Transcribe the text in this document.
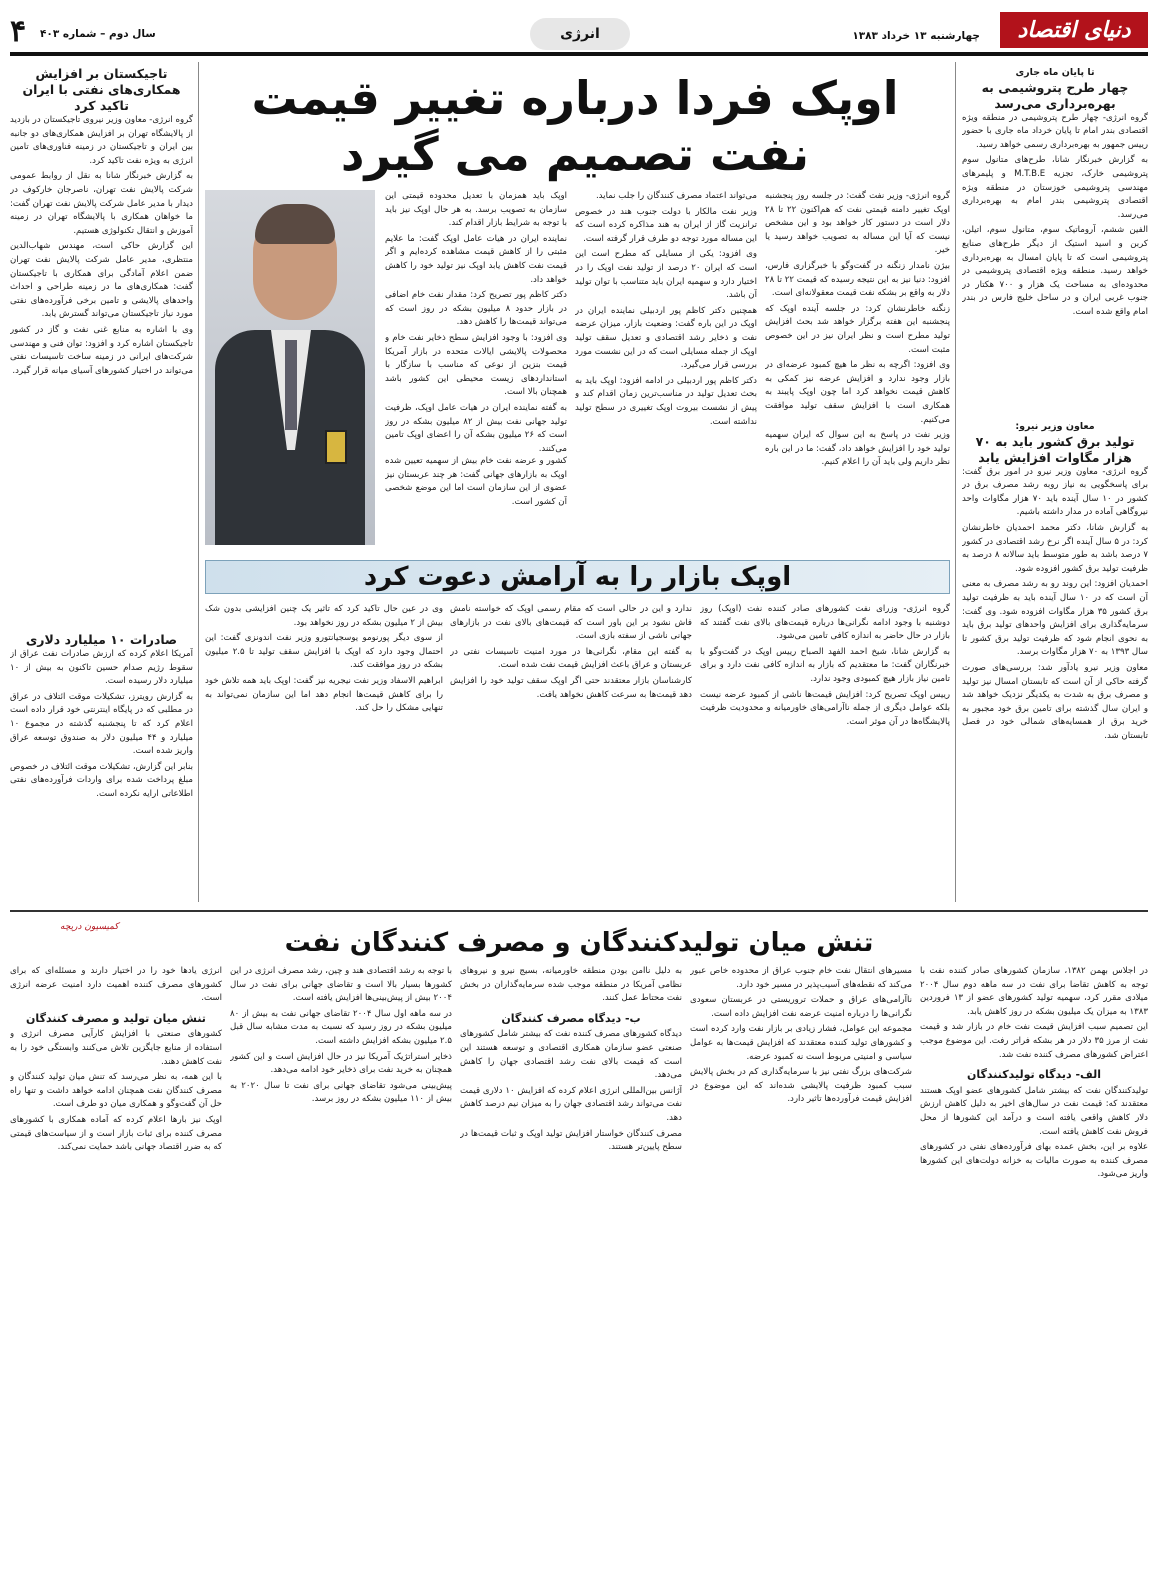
۴ سال دوم – شماره ۴۰۳	انرژی	چهارشنبه ۱۳ خرداد ۱۳۸۳	دنیای اقتصاد
تا پایان ماه جاری
چهار طرح پتروشیمی به بهره‌برداری می‌رسد

گروه انرژی- چهار طرح پتروشیمی در منطقه ویژه اقتصادی بندر امام تا پایان خرداد ماه جاری با حضور رییس جمهور به بهره‌برداری رسمی خواهد رسید.

به گزارش خبرنگار شانا، طرح‌های متانول سوم پتروشیمی خارک، تجزیه M.T.B.E و پلیمرهای مهندسی پتروشیمی خوزستان در منطقه ویژه اقتصادی پتروشیمی بندر امام به بهره‌برداری می‌رسد.

الفین ششم، آروماتیک سوم، متانول سوم، اتیلن، کربن و اسید استیک از دیگر طرح‌های صنایع پتروشیمی است که تا پایان امسال به بهره‌برداری خواهد رسید. منطقه ویژه اقتصادی پتروشیمی در محدوده‌ای به مساحت یک هزار و ۷۰۰ هکتار در جنوب غربی ایران و در ساحل خلیج فارس در بندر امام واقع شده است.

معاون وزیر نیرو:
تولید برق کشور باید به ۷۰ هزار مگاوات افزایش یابد

گروه انرژی- معاون وزیر نیرو در امور برق گفت: برای پاسخگویی به نیاز روبه رشد مصرف برق در کشور در ۱۰ سال آینده باید ۷۰ هزار مگاوات واحد نیروگاهی آماده در مدار داشته باشیم.

به گزارش شانا، دکتر محمد احمدیان خاطرنشان کرد: در ۵ سال آینده اگر نرخ رشد اقتصادی در کشور ۷ درصد باشد به طور متوسط باید سالانه ۸ درصد به ظرفیت تولید برق کشور افزوده شود.

احمدیان افزود: این روند رو به رشد مصرف به معنی آن است که در ۱۰ سال آینده باید به ظرفیت تولید برق کشور ۳۵ هزار مگاوات افزوده شود. وی گفت: سرمایه‌گذاری برای افزایش واحدهای تولید برق باید به نحوی انجام شود که ظرفیت تولید برق کشور تا سال ۱۳۹۳ به ۷۰ هزار مگاوات برسد.

معاون وزیر نیرو یادآور شد: بررسی‌های صورت گرفته حاکی از آن است که تابستان امسال نیز تولید و مصرف برق به شدت به یکدیگر نزدیک خواهد شد و ایران سال گذشته برای تامین برق خود مجبور به خرید برق از همسایه‌های شمالی خود در فصل تابستان شد.

اوپک فردا درباره تغییر قیمت نفت تصمیم می گیرد

گروه انرژی- وزیر نفت گفت: در جلسه روز پنجشنبه اوپک تغییر دامنه قیمتی نفت که هم‌اکنون ۲۲ تا ۲۸ دلار است در دستور کار خواهد بود و این مشخص نیست که آیا این مساله به تصویب خواهد رسید یا خیر.

بیژن نامدار زنگنه در گفت‌وگو با خبرگزاری فارس، افزود: دنیا نیز به این نتیجه رسیده که قیمت ۲۲ تا ۲۸ دلار به واقع بر بشکه نفت قیمت معقولانه‌ای است.

زنگنه خاطرنشان کرد: در جلسه آینده اوپک که پنجشنبه این هفته برگزار خواهد شد بحث افزایش تولید مطرح است و نظر ایران نیز در این خصوص مثبت است.

وی افزود: اگرچه به نظر ما هیچ کمبود عرضه‌ای در بازار وجود ندارد و افزایش عرضه نیز کمکی به کاهش قیمت نخواهد کرد اما چون اوپک پایبند به همکاری است با افزایش سقف تولید موافقت می‌کنیم.

وزیر نفت در پاسخ به این سوال که ایران سهمیه تولید خود را افزایش خواهد داد، گفت: ما در این باره نظر داریم ولی باید آن را اعلام کنیم.

می‌تواند اعتماد مصرف کنندگان را جلب نماید.

وزیر نفت مالکار با دولت جنوب هند در خصوص ترانزیت گاز از ایران به هند مذاکره کرده است که این مساله مورد توجه دو طرف قرار گرفته است.

وی افزود: یکی از مسایلی که مطرح است این است که ایران ۲۰ درصد از تولید نفت اوپک را در اختیار دارد و سهمیه ایران باید متناسب با توان تولید آن باشد.

همچنین دکتر کاظم پور اردبیلی نماینده ایران در اوپک در این باره گفت: وضعیت بازار، میزان عرضه نفت و ذخایر رشد اقتصادی و تعدیل سقف تولید اوپک از جمله مسایلی است که در این نشست مورد بررسی قرار می‌گیرد.

دکتر کاظم پور اردبیلی در ادامه افزود: اوپک باید به بحث تعدیل تولید در مناسب‌ترین زمان اقدام کند و پیش از نشست بیروت اوپک تغییری در سطح تولید نداشته است.

اوپک باید همزمان با تعدیل محدوده قیمتی این سازمان به تصویب برسد. به هر حال اوپک نیز باید با توجه به شرایط بازار اقدام کند.

نماینده ایران در هیات عامل اوپک گفت: ما علایم مثبتی را از کاهش قیمت مشاهده کرده‌ایم و اگر قیمت نفت کاهش یابد اوپک نیز تولید خود را کاهش خواهد داد.

دکتر کاظم پور تصریح کرد: مقدار نفت خام اضافی در بازار حدود ۸ میلیون بشکه در روز است که می‌تواند قیمت‌ها را کاهش دهد.

وی افزود: با وجود افزایش سطح ذخایر نفت خام و محصولات پالایشی ایالات متحده در بازار آمریکا قیمت بنزین از نوعی که مناسب با سازگار با استانداردهای زیست محیطی این کشور باشد همچنان بالا است.

به گفته نماینده ایران در هیات عامل اوپک، ظرفیت تولید جهانی نفت بیش از ۸۲ میلیون بشکه در روز است که ۲۶ میلیون بشکه آن را اعضای اوپک تامین می‌کنند.

کشور و عرضه نفت خام بیش از سهمیه تعیین شده اوپک به بازارهای جهانی گفت: هر چند عربستان نیز عضوی از این سازمان است اما این موضع شخصی آن کشور است.

تاجیکستان بر افزایش همکاری‌های نفتی با ایران تاکید کرد

گروه انرژی- معاون وزیر نیروی تاجیکستان در بازدید از پالایشگاه تهران بر افزایش همکاری‌های دو جانبه بین ایران و تاجیکستان در زمینه فناوری‌های تامین انرژی به ویژه نفت تاکید کرد.

به گزارش خبرنگار شانا به نقل از روابط عمومی شرکت پالایش نفت تهران، ناصرجان خارکوف در دیدار با مدیر عامل شرکت پالایش نفت تهران گفت: ما خواهان همکاری با پالایشگاه تهران در زمینه آموزش و انتقال تکنولوژی هستیم.

این گزارش حاکی است، مهندس شهاب‌الدین منتظری، مدیر عامل شرکت پالایش نفت تهران ضمن اعلام آمادگی برای همکاری با تاجیکستان گفت: همکاری‌های ما در زمینه طراحی و احداث واحدهای پالایشی و تامین برخی فرآورده‌های نفتی مورد نیاز تاجیکستان می‌تواند گسترش یابد.

وی با اشاره به منابع غنی نفت و گاز در کشور تاجیکستان اشاره کرد و افزود: توان فنی و مهندسی شرکت‌های ایرانی در زمینه ساخت تاسیسات نفتی می‌تواند در اختیار کشورهای آسیای میانه قرار گیرد.

صادرات ۱۰ میلیارد دلاری

آمریکا اعلام کرده که ارزش صادرات نفت عراق از سقوط رژیم صدام حسین تاکنون به بیش از ۱۰ میلیارد دلار رسیده است.

به گزارش رویترز، تشکیلات موقت ائتلاف در عراق در مطلبی که در پایگاه اینترنتی خود قرار داده است اعلام کرد که تا پنجشنبه گذشته در مجموع ۱۰ میلیارد و ۴۴ میلیون دلار به صندوق توسعه عراق واریز شده است.

بنابر این گزارش، تشکیلات موقت ائتلاف در خصوص مبلغ پرداخت شده برای واردات فرآورده‌های نفتی اطلاعاتی ارایه نکرده است.

اوپک بازار را به آرامش دعوت کرد

گروه انرژی- وزرای نفت کشورهای صادر کننده نفت (اوپک) روز دوشنبه با وجود ادامه نگرانی‌ها درباره قیمت‌های بالای نفت گفتند که بازار در حال حاضر به اندازه کافی تامین می‌شود.

به گزارش شانا، شیخ احمد الفهد الصباح رییس اوپک در گفت‌وگو با خبرنگاران گفت: ما معتقدیم که بازار به اندازه کافی نفت دارد و برای تامین نیاز بازار هیچ کمبودی وجود ندارد.

رییس اوپک تصریح کرد: افزایش قیمت‌ها ناشی از کمبود عرضه نیست بلکه عوامل دیگری از جمله ناآرامی‌های خاورمیانه و محدودیت ظرفیت پالایشگاه‌ها در آن موثر است.

ندارد و این در حالی است که مقام رسمی اوپک که خواسته نامش فاش نشود بر این باور است که قیمت‌های بالای نفت در بازارهای جهانی ناشی از سفته بازی است.

به گفته این مقام، نگرانی‌ها در مورد امنیت تاسیسات نفتی در عربستان و عراق باعث افزایش قیمت نفت شده است.

کارشناسان بازار معتقدند حتی اگر اوپک سقف تولید خود را افزایش دهد قیمت‌ها به سرعت کاهش نخواهد یافت.

وی در عین حال تاکید کرد که تاثیر یک چنین افزایشی بدون شک بیش از ۲ میلیون بشکه در روز نخواهد بود.

از سوی دیگر پورنومو یوسجیانتورو وزیر نفت اندونزی گفت: این احتمال وجود دارد که اوپک با افزایش سقف تولید تا ۲.۵ میلیون بشکه در روز موافقت کند.

ابراهیم الاسفاد وزیر نفت نیجریه نیز گفت: اوپک باید همه تلاش خود را برای کاهش قیمت‌ها انجام دهد اما این سازمان نمی‌تواند به تنهایی مشکل را حل کند.

کمیسیون دریچه
تنش میان تولیدکنندگان و مصرف کنندگان نفت

در اجلاس بهمن ۱۳۸۲، سازمان کشورهای صادر کننده نفت با توجه به کاهش تقاضا برای نفت در سه ماهه دوم سال ۲۰۰۴ میلادی مقرر کرد، سهمیه تولید کشورهای عضو از ۱۳ فروردین ۱۳۸۳ به میزان یک میلیون بشکه در روز کاهش یابد.

این تصمیم سبب افزایش قیمت نفت خام در بازار شد و قیمت نفت از مرز ۳۵ دلار در هر بشکه فراتر رفت. این موضوع موجب اعتراض کشورهای مصرف کننده نفت شد.

الف- دیدگاه تولیدکنندگان

تولیدکنندگان نفت که بیشتر شامل کشورهای عضو اوپک هستند معتقدند که: قیمت نفت در سال‌های اخیر به دلیل کاهش ارزش دلار کاهش واقعی یافته است و درآمد این کشورها از محل فروش نفت کاهش یافته است.

علاوه بر این، بخش عمده بهای فرآورده‌های نفتی در کشورهای مصرف کننده به صورت مالیات به خزانه دولت‌های این کشورها واریز می‌شود.

مسیرهای انتقال نفت خام جنوب عراق از محدوده خاص عبور می‌کند که نقطه‌های آسیب‌پذیر در مسیر خود دارد.

ناآرامی‌های عراق و حملات تروریستی در عربستان سعودی نگرانی‌ها را درباره امنیت عرضه نفت افزایش داده است.

مجموعه این عوامل، فشار زیادی بر بازار نفت وارد کرده است و کشورهای تولید کننده معتقدند که افزایش قیمت‌ها به عوامل سیاسی و امنیتی مربوط است نه کمبود عرضه.

شرکت‌های بزرگ نفتی نیز با سرمایه‌گذاری کم در بخش پالایش سبب کمبود ظرفیت پالایشی شده‌اند که این موضوع در افزایش قیمت فرآورده‌ها تاثیر دارد.

به دلیل ناامن بودن منطقه خاورمیانه، بسیج نیرو و نیروهای نظامی آمریکا در منطقه موجب شده سرمایه‌گذاران در بخش نفت محتاط عمل کنند.

ب- دیدگاه مصرف کنندگان

دیدگاه کشورهای مصرف کننده نفت که بیشتر شامل کشورهای صنعتی عضو سازمان همکاری اقتصادی و توسعه هستند این است که قیمت بالای نفت رشد اقتصادی جهان را کاهش می‌دهد.

آژانس بین‌المللی انرژی اعلام کرده که افزایش ۱۰ دلاری قیمت نفت می‌تواند رشد اقتصادی جهان را به میزان نیم درصد کاهش دهد.

مصرف کنندگان خواستار افزایش تولید اوپک و ثبات قیمت‌ها در سطح پایین‌تر هستند.

با توجه به رشد اقتصادی هند و چین، رشد مصرف انرژی در این کشورها بسیار بالا است و تقاضای جهانی برای نفت در سال ۲۰۰۴ بیش از پیش‌بینی‌ها افزایش یافته است.

در سه ماهه اول سال ۲۰۰۴ تقاضای جهانی نفت به بیش از ۸۰ میلیون بشکه در روز رسید که نسبت به مدت مشابه سال قبل ۲.۵ میلیون بشکه افزایش داشته است.

ذخایر استراتژیک آمریکا نیز در حال افزایش است و این کشور همچنان به خرید نفت برای ذخایر خود ادامه می‌دهد.

پیش‌بینی می‌شود تقاضای جهانی برای نفت تا سال ۲۰۲۰ به بیش از ۱۱۰ میلیون بشکه در روز برسد.

انرژی یاد‌ها خود را در اختیار دارند و مسئله‌ای که برای کشورهای مصرف کننده اهمیت دارد امنیت عرضه انرژی است.

تنش میان تولید و مصرف کنندگان

کشورهای صنعتی با افزایش کارآیی مصرف انرژی و استفاده از منابع جایگزین تلاش می‌کنند وابستگی خود را به نفت کاهش دهند.

با این همه، به نظر می‌رسد که تنش میان تولید کنندگان و مصرف کنندگان نفت همچنان ادامه خواهد داشت و تنها راه حل آن گفت‌وگو و همکاری میان دو طرف است.

اوپک نیز بارها اعلام کرده که آماده همکاری با کشورهای مصرف کننده برای ثبات بازار است و از سیاست‌های قیمتی که به ضرر اقتصاد جهانی باشد حمایت نمی‌کند.
